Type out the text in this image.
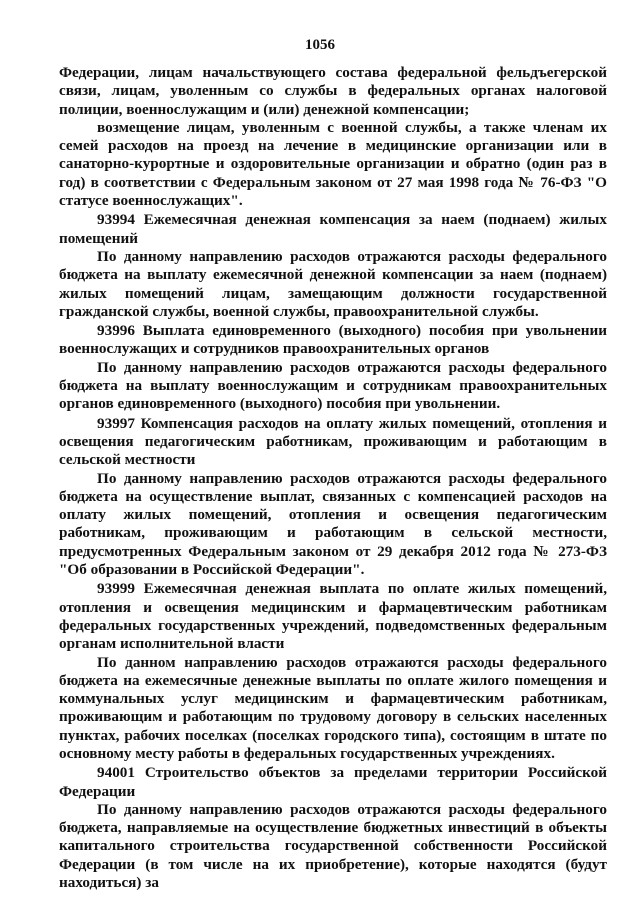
1056

Федерации, лицам начальствующего состава федеральной фельдъегерской связи, лицам, уволенным со службы в федеральных органах налоговой полиции, военнослужащим и (или) денежной компенсации;

возмещение лицам, уволенным с военной службы, а также членам их семей расходов на проезд на лечение в медицинские организации или в санаторно-курортные и оздоровительные организации и обратно (один раз в год) в соответствии с Федеральным законом от 27 мая 1998 года № 76-ФЗ "О статусе военнослужащих".

93994 Ежемесячная денежная компенсация за наем (поднаем) жилых помещений

По данному направлению расходов отражаются расходы федерального бюджета на выплату ежемесячной денежной компенсации за наем (поднаем) жилых помещений лицам, замещающим должности государственной гражданской службы, военной службы, правоохранительной службы.

93996 Выплата единовременного (выходного) пособия при увольнении военнослужащих и сотрудников правоохранительных органов

По данному направлению расходов отражаются расходы федерального бюджета на выплату военнослужащим и сотрудникам правоохранительных органов единовременного (выходного) пособия при увольнении.

93997 Компенсация расходов на оплату жилых помещений, отопления и освещения педагогическим работникам, проживающим и работающим в сельской местности

По данному направлению расходов отражаются расходы федерального бюджета на осуществление выплат, связанных с компенсацией расходов на оплату жилых помещений, отопления и освещения педагогическим работникам, проживающим и работающим в сельской местности, предусмотренных Федеральным законом от 29 декабря 2012 года № 273-ФЗ "Об образовании в Российской Федерации".

93999 Ежемесячная денежная выплата по оплате жилых помещений, отопления и освещения медицинским и фармацевтическим работникам федеральных государственных учреждений, подведомственных федеральным органам исполнительной власти

По данном направлению расходов отражаются расходы федерального бюджета на ежемесячные денежные выплаты по оплате жилого помещения и коммунальных услуг медицинским и фармацевтическим работникам, проживающим и работающим по трудовому договору в сельских населенных пунктах, рабочих поселках (поселках городского типа), состоящим в штате по основному месту работы в федеральных государственных учреждениях.

94001 Строительство объектов за пределами территории Российской Федерации

По данному направлению расходов отражаются расходы федерального бюджета, направляемые на осуществление бюджетных инвестиций в объекты капитального строительства государственной собственности Российской Федерации (в том числе на их приобретение), которые находятся (будут находиться) за
